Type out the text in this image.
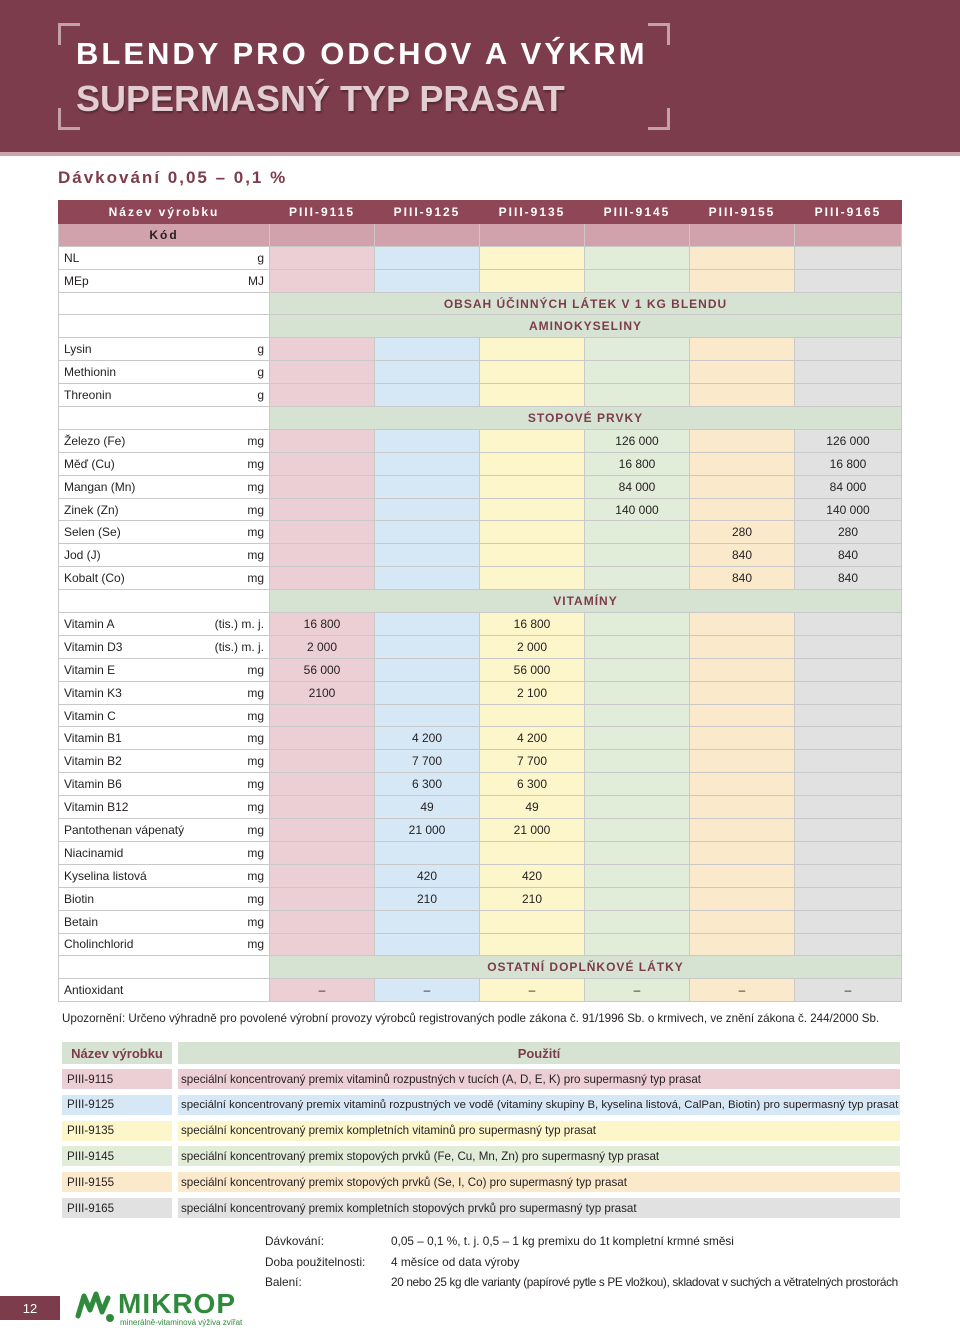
BLENDY PRO ODCHOV A VÝKRM
SUPERMASNÝ TYP PRASAT
Dávkování 0,05 – 0,1 %
Název výrobku	PIII-9115	PIII-9125	PIII-9135	PIII-9145	PIII-9155	PIII-9165
Kód						

NL g						

MEp MJ						

	OBSAH ÚČINNÝCH LÁTEK V 1 KG BLENDU					
	AMINOKYSELINY					

Lysin g						

Methionin g						

Threonin g						

	STOPOVÉ PRVKY					

Železo (Fe) mg				126 000		126 000

Měď (Cu) mg				16 800		16 800

Mangan (Mn) mg				84 000		84 000

Zinek (Zn) mg				140 000		140 000

Selen (Se) mg					280	280

Jod (J) mg					840	840

Kobalt (Co) mg					840	840
	VITAMÍNY					

Vitamin A (tis.) m. j.	16 800		16 800			

Vitamin D3 (tis.) m. j.	2 000		2 000			

Vitamin E mg	56 000		56 000			

Vitamin K3 mg	2100		2 100			

Vitamin C mg						

Vitamin B1 mg		4 200	4 200			

Vitamin B2 mg		7 700	7 700			

Vitamin B6 mg		6 300	6 300			

Vitamin B12 mg		49	49			

Pantothenan vápenatý mg		21 000	21 000			

Niacinamid mg						

Kyselina listová mg		420	420			

Biotin mg		210	210			

Betain mg						

Cholinchlorid mg						

	OSTATNÍ DOPLŇKOVÉ LÁTKY					

Antioxidant	–	–	–	–	–	–
Upozornění: Určeno výhradně pro povolené výrobní provozy výrobců registrovaných podle zákona č. 91/1996 Sb. o krmivech, ve znění zákona č. 244/2000 Sb.
Název výrobku	Použití
PIII-9115	speciální koncentrovaný premix vitaminů rozpustných v tucích (A, D, E, K) pro supermasný typ prasat
PIII-9125	speciální koncentrovaný premix vitaminů rozpustných ve vodě (vitaminy skupiny B, kyselina listová, CalPan, Biotin) pro supermasný typ prasat
PIII-9135	speciální koncentrovaný premix kompletních vitaminů pro supermasný typ prasat
PIII-9145	speciální koncentrovaný premix stopových prvků (Fe, Cu, Mn, Zn) pro supermasný typ prasat
PIII-9155	speciální koncentrovaný premix stopových prvků (Se, I, Co) pro supermasný typ prasat
PIII-9165	speciální koncentrovaný premix kompletních stopových prvků pro supermasný typ prasat
Dávkování:	0,05 – 0,1 %, t. j. 0,5 – 1 kg premixu do 1t kompletní krmné směsi
Doba použitelnosti: 4 měsíce od data výroby
Balení:	20 nebo 25 kg dle varianty (papírové pytle s PE vložkou), skladovat v suchých a větratelných prostorách
12	MIKROP
minerálně-vitaminová výživa zvířat
